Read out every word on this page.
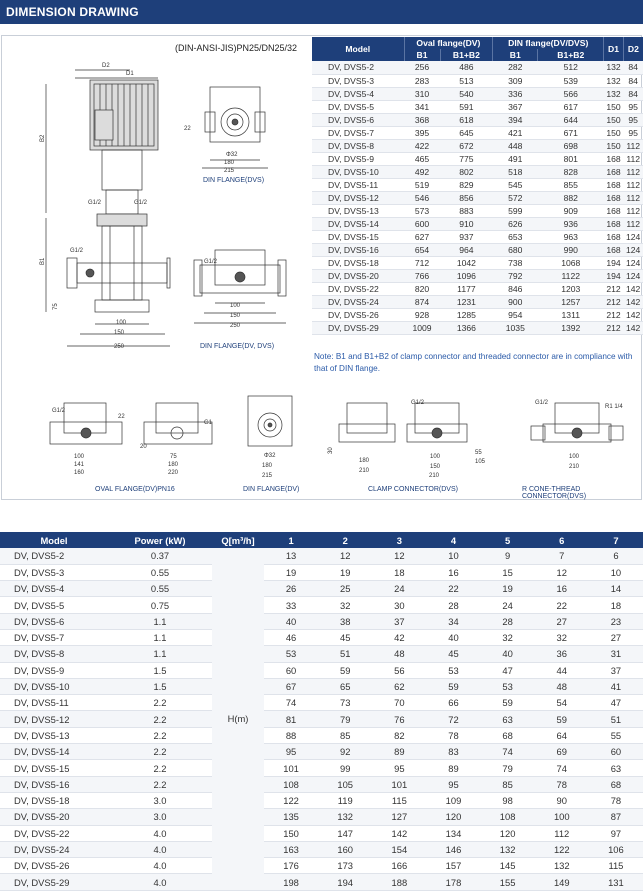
DIMENSION DRAWING
(DIN-ANSI-JIS)PN25/DN25/32
D2
D1
G1/2	G1/2
G1/2
B2
B1
75
100
150
250
22
Φ32
180
215
DIN FLANGE(DVS)
G1/2
100
150
250
DIN FLANGE(DV, DVS)
G1/2
22
100
141
160
G1
20
75
180
220
Φ32
180
215
30
180
210
G1/2
100
150
210
55
105
G1/2
R1 1/4
100
210
OVAL FLANGE(DV)PN16	DIN FLANGE(DV)	CLAMP CONNECTOR(DVS)	R CONE-THREAD CONNECTOR(DVS)
Model	Oval flange(DV)		DIN flange(DV/DVS)		D1	D2
	B1	B1+B2	B1	B1+B2		
DV, DVS5-2	256	486	282	512	132	84
DV, DVS5-3	283	513	309	539	132	84
DV, DVS5-4	310	540	336	566	132	84
DV, DVS5-5	341	591	367	617	150	95
DV, DVS5-6	368	618	394	644	150	95
DV, DVS5-7	395	645	421	671	150	95
DV, DVS5-8	422	672	448	698	150	112
DV, DVS5-9	465	775	491	801	168	112
DV, DVS5-10	492	802	518	828	168	112
DV, DVS5-11	519	829	545	855	168	112
DV, DVS5-12	546	856	572	882	168	112
DV, DVS5-13	573	883	599	909	168	112
DV, DVS5-14	600	910	626	936	168	112
DV, DVS5-15	627	937	653	963	168	124
DV, DVS5-16	654	964	680	990	168	124
DV, DVS5-18	712	1042	738	1068	194	124
DV, DVS5-20	766	1096	792	1122	194	124
DV, DVS5-22	820	1177	846	1203	212	142
DV, DVS5-24	874	1231	900	1257	212	142
DV, DVS5-26	928	1285	954	1311	212	142
DV, DVS5-29	1009	1366	1035	1392	212	142
Note: B1 and B1+B2 of clamp connector and threaded connector are in compliance with that of DIN flange.
Model	Power (kW)	Q[m³/h]	1	2	3	4	5	6	7
DV, DVS5-2	0.37	H(m)	13	12	12	10	9	7	6
DV, DVS5-3	0.55		19	19	18	16	15	12	10
DV, DVS5-4	0.55		26	25	24	22	19	16	14
DV, DVS5-5	0.75		33	32	30	28	24	22	18
DV, DVS5-6	1.1		40	38	37	34	28	27	23
DV, DVS5-7	1.1		46	45	42	40	32	32	27
DV, DVS5-8	1.1		53	51	48	45	40	36	31
DV, DVS5-9	1.5		60	59	56	53	47	44	37
DV, DVS5-10	1.5		67	65	62	59	53	48	41
DV, DVS5-11	2.2		74	73	70	66	59	54	47
DV, DVS5-12	2.2		81	79	76	72	63	59	51
DV, DVS5-13	2.2		88	85	82	78	68	64	55
DV, DVS5-14	2.2		95	92	89	83	74	69	60
DV, DVS5-15	2.2		101	99	95	89	79	74	63
DV, DVS5-16	2.2		108	105	101	95	85	78	68
DV, DVS5-18	3.0		122	119	115	109	98	90	78
DV, DVS5-20	3.0		135	132	127	120	108	100	87
DV, DVS5-22	4.0		150	147	142	134	120	112	97
DV, DVS5-24	4.0		163	160	154	146	132	122	106
DV, DVS5-26	4.0		176	173	166	157	145	132	115
DV, DVS5-29	4.0		198	194	188	178	155	149	131
